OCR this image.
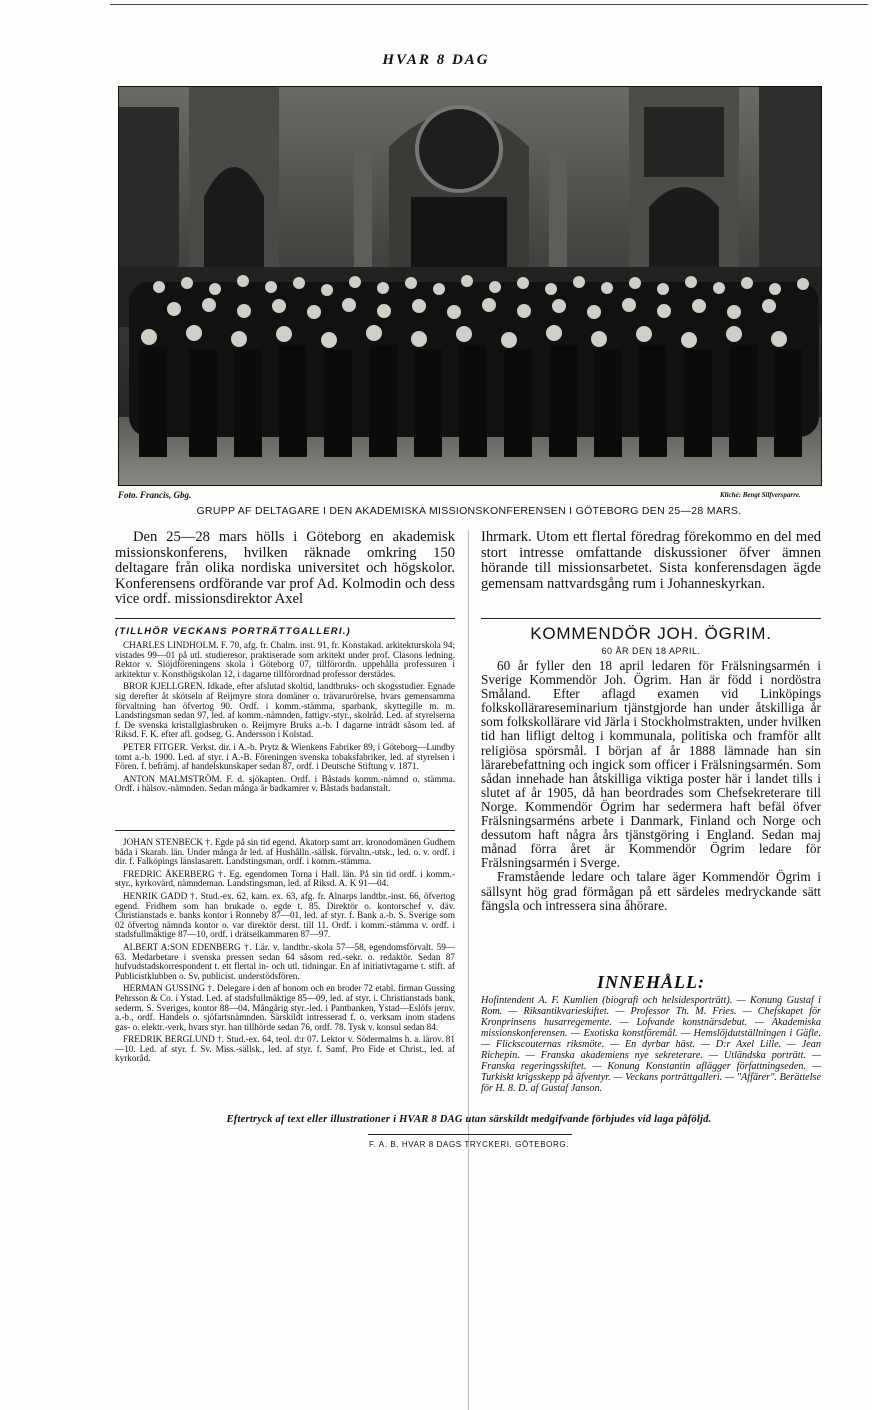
HVAR 8 DAG
Foto. Francis, Gbg.	Kliché: Bengt Silfversparre.
GRUPP AF DELTAGARE I DEN AKADEMISKA MISSIONSKONFERENSEN I GÖTEBORG DEN 25—28 MARS.

Den 25—28 mars hölls i Göteborg en akademisk missionskonferens, hvilken räknade omkring 150 deltagare från olika nordiska universitet och högskolor. Konferensens ordförande var prof Ad. Kolmodin och dess vice ordf. missionsdirektor Axel

Ihrmark. Utom ett flertal föredrag förekommo en del med stort intresse omfattande diskussioner öfver ämnen hörande till missionsarbetet. Sista konferensdagen ägde gemensam nattvardsgång rum i Johanneskyrkan.

(TILLHÖR VECKANS PORTRÄTTGALLERI.)

CHARLES LINDHOLM. F. 70, afg. fr. Chalm. inst. 91, fr. Konstakad. arkitekturskola 94; vistades 99—01 på utl. studieresor, praktiserade som arkitekt under prof. Clasons ledning. Rektor v. Slöjdföreningens skola i Göteborg 07, tillförordn. uppehålla professuren i arkitektur v. Konsthögskolan 12, i dagarne tillförordnad professor derstädes.

BROR KJELLGREN. Idkade, efter afslutad skoltid, landtbruks- och skogsstudier. Egnade sig derefter åt skötseln af Reijmyre stora domäner o. trävarurörelse, hvars gemensamma förvaltning han öfvertog 90. Ordf. i komm.-stämma, sparbank, skyttegille m. m. Landstingsman sedan 97, led. af komm.-nämnden, fattigv.-styr., skolråd. Led. af styrelserna f. De svenska kristallglasbruken o. Reijmyre Bruks a.-b. I dagarne inträdt såsom led. af Riksd. F. K. efter afl. godseg. G. Andersson i Kolstad.

PETER FITGER. Verkst. dir. i A.-b. Prytz & Wienkens Fabriker 89, i Göteborg—Lundby tomt a.-b. 1900. Led. af styr. i A.-B. Föreningen svenska tobaksfabriker, led. af styrelsen i Fören. f. befrämj. af handelskunskaper sedan 87, ordf. i Deutsche Stiftung v. 1871.

ANTON MALMSTRÖM. F. d. sjökapten. Ordf. i Båstads komm.-nämnd o. stämma. Ordf. i hälsov.-nämnden. Sedan många år badkamrer v. Båstads badanstalt.

JOHAN STENBECK †. Egde på sin tid egend. Åkatorp samt arr. kronodomänen Gudhem båda i Skarab. län. Under många år led. af Hushålln.-sällsk. förvaltn.-utsk., led. o. v. ordf. i dir. f. Falköpings länslasarett. Landstingsman, ordf. i komm.-stämma.

FREDRIC ÅKERBERG †. Eg. egendomen Torna i Hall. län. På sin tid ordf. i komm.-styr., kyrkovärd, nämndeman. Landstingsman, led. af Riksd. A. K 91—04.

HENRIK GADD †. Stud.-ex. 62, kam. ex. 63, afg. fr. Alnarps landtbr.-inst. 66, öfvertog egend. Fridhem som han brukade o. egde t. 85. Direktör o. kontorschef v. däv. Christianstads e. banks kontor i Ronneby 87—01, led. af styr. f. Bank a.-b. S. Sverige som 02 öfvertog nämnda kontor o. var direktör derst. till 11. Ordf. i komm.-stämma v. ordf. i stadsfullmäktige 87—10, ordf. i drätselkammaren 87—97.

ALBERT A:SON EDENBERG †. Lär. v. landtbr.-skola 57—58, egendomsförvalt. 59—63. Medarbetare i svenska pressen sedan 64 såsom red.-sekr. o. redaktör. Sedan 87 hufvudstadskorrespondent t. ett flertal in- och utl. tidningar. En af initiativtagarne t. stift. af Publicistklubben o. Sv. publicist. understödsfören.

HERMAN GUSSING †. Delegare i den af honom och en broder 72 etabl. firman Gussing Pehrsson & Co. i Ystad. Led. af stadsfullmäktige 85—09, led. af styr. i. Christianstads bank, sederm. S. Sveriges, kontor 88—04. Mångårig styr.-led. i Pantbanken, Ystad—Eslöfs jernv. a.-b., ordf. Handels o. sjöfartsnämnden. Särskildt intresserad f. o. verksam inom stadens gas- o. elektr.-verk, hvars styr. han tillhörde sedan 76, ordf. 78. Tysk v. konsul sedan 84.

FREDRIK BERGLUND †. Stud.-ex. 64, teol. d:r 07. Lektor v. Södermalms h. a. lärov. 81—10. Led. af styr. f. Sv. Miss.-sällsk., led. af styr. f. Samf. Pro Fide et Christ., led. af kyrkoråd.

KOMMENDÖR JOH. ÖGRIM.
60 ÅR DEN 18 APRIL.

60 år fyller den 18 april ledaren för Frälsningsarmén i Sverige Kommendör Joh. Ögrim. Han är född i nordöstra Småland. Efter aflagd examen vid Linköpings folkskollärareseminarium tjänstgjorde han under åtskilliga år som folkskollärare vid Järla i Stockholmstrakten, under hvilken tid han lifligt deltog i kommunala, politiska och framför allt religiösa spörsmål. I början af år 1888 lämnade han sin lärarebefattning och ingick som officer i Frälsningsarmén. Som sådan innehade han åtskilliga viktiga poster här i landet tills i slutet af år 1905, då han beordrades som Chefsekreterare till Norge. Kommendör Ögrim har sedermera haft befäl öfver Frälsningsarméns arbete i Danmark, Finland och Norge och dessutom haft några års tjänstgöring i England. Sedan maj månad förra året är Kommendör Ögrim ledare för Frälsningsarmén i Sverge.

Framstående ledare och talare äger Kommendör Ögrim i sällsynt hög grad förmågan på ett särdeles medryckande sätt fängsla och intressera sina åhörare.

INNEHÅLL:
Hofintendent A. F. Kumlien (biografi och helsidesporträtt). — Konung Gustaf i Rom. — Riksantikvarieskiftet. — Professor Th. M. Fries. — Chefskapet för Kronprinsens husarregemente. — Lofvande konstnärsdebut. — Akademiska missionskonferensen. — Exotiska konstföremål. — Hemslöjdutställningen i Gäfle. — Flickscouternas riksmöte. — En dyrbar häst. — D:r Axel Lille. — Jean Richepin. — Franska akademiens nye sekreterare. — Utländska porträtt. — Franska regeringsskiftet. — Konung Konstantin aflägger författningseden. — Turkiskt krigsskepp på äfventyr. — Veckans porträttgalleri. — "Affärer". Berättelse för H. 8. D. af Gustaf Janson.
Eftertryck af text eller illustrationer i HVAR 8 DAG utan särskildt medgifvande förbjudes vid laga påföljd.
F. A. B. HVAR 8 DAGS TRYCKERI. GÖTEBORG.
